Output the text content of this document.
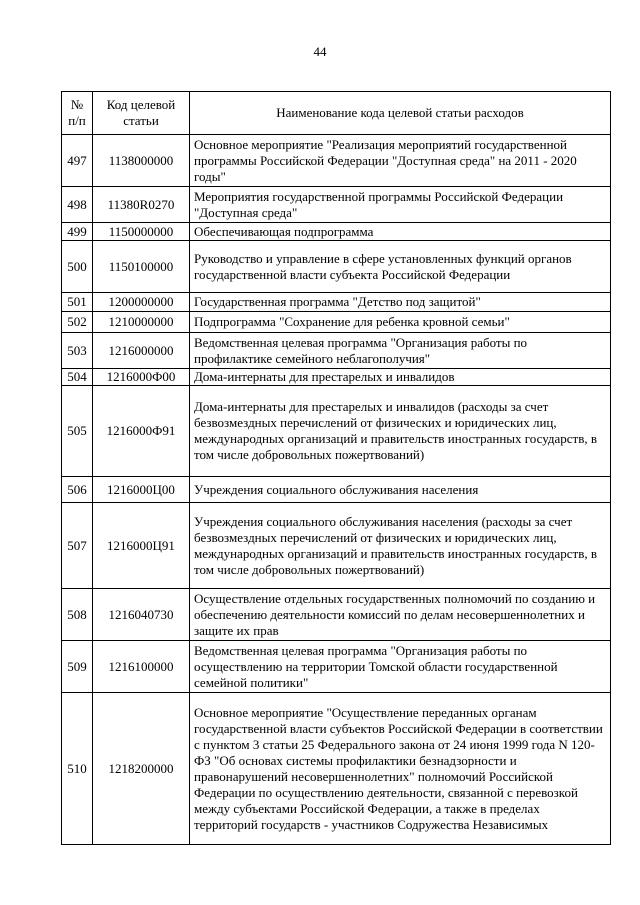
44
№ п/п	Код целевой статьи	Наименование кода целевой статьи расходов
497	1138000000	Основное мероприятие "Реализация мероприятий государственной программы Российской Федерации "Доступная среда" на 2011 - 2020 годы"
498	11380R0270	Мероприятия государственной программы Российской Федерации "Доступная среда"
499	1150000000	Обеспечивающая подпрограмма
500	1150100000	Руководство и управление в сфере установленных функций органов государственной власти субъекта Российской Федерации
501	1200000000	Государственная программа "Детство под защитой"
502	1210000000	Подпрограмма "Сохранение для ребенка кровной семьи"
503	1216000000	Ведомственная целевая программа "Организация работы по профилактике семейного неблагополучия"
504	1216000Ф00	Дома-интернаты для престарелых и инвалидов
505	1216000Ф91	Дома-интернаты для престарелых и инвалидов (расходы за счет безвозмездных перечислений от физических и юридических лиц, международных организаций и правительств иностранных государств, в том числе добровольных пожертвований)
506	1216000Ц00	Учреждения социального обслуживания населения
507	1216000Ц91	Учреждения социального обслуживания населения (расходы за счет безвозмездных перечислений от физических и юридических лиц, международных организаций и правительств иностранных государств, в том числе добровольных пожертвований)
508	1216040730	Осуществление отдельных государственных полномочий по созданию и обеспечению деятельности комиссий по делам несовершеннолетних и защите их прав
509	1216100000	Ведомственная целевая программа "Организация работы по осуществлению на территории Томской области государственной семейной политики"
510	1218200000	Основное мероприятие "Осуществление переданных органам государственной власти субъектов Российской Федерации в соответствии с пунктом 3 статьи 25 Федерального закона от 24 июня 1999 года N 120-ФЗ "Об основах системы профилактики безнадзорности и правонарушений несовершеннолетних" полномочий Российской Федерации по осуществлению деятельности, связанной с перевозкой между субъектами Российской Федерации, а также в пределах территорий государств - участников Содружества Независимых
